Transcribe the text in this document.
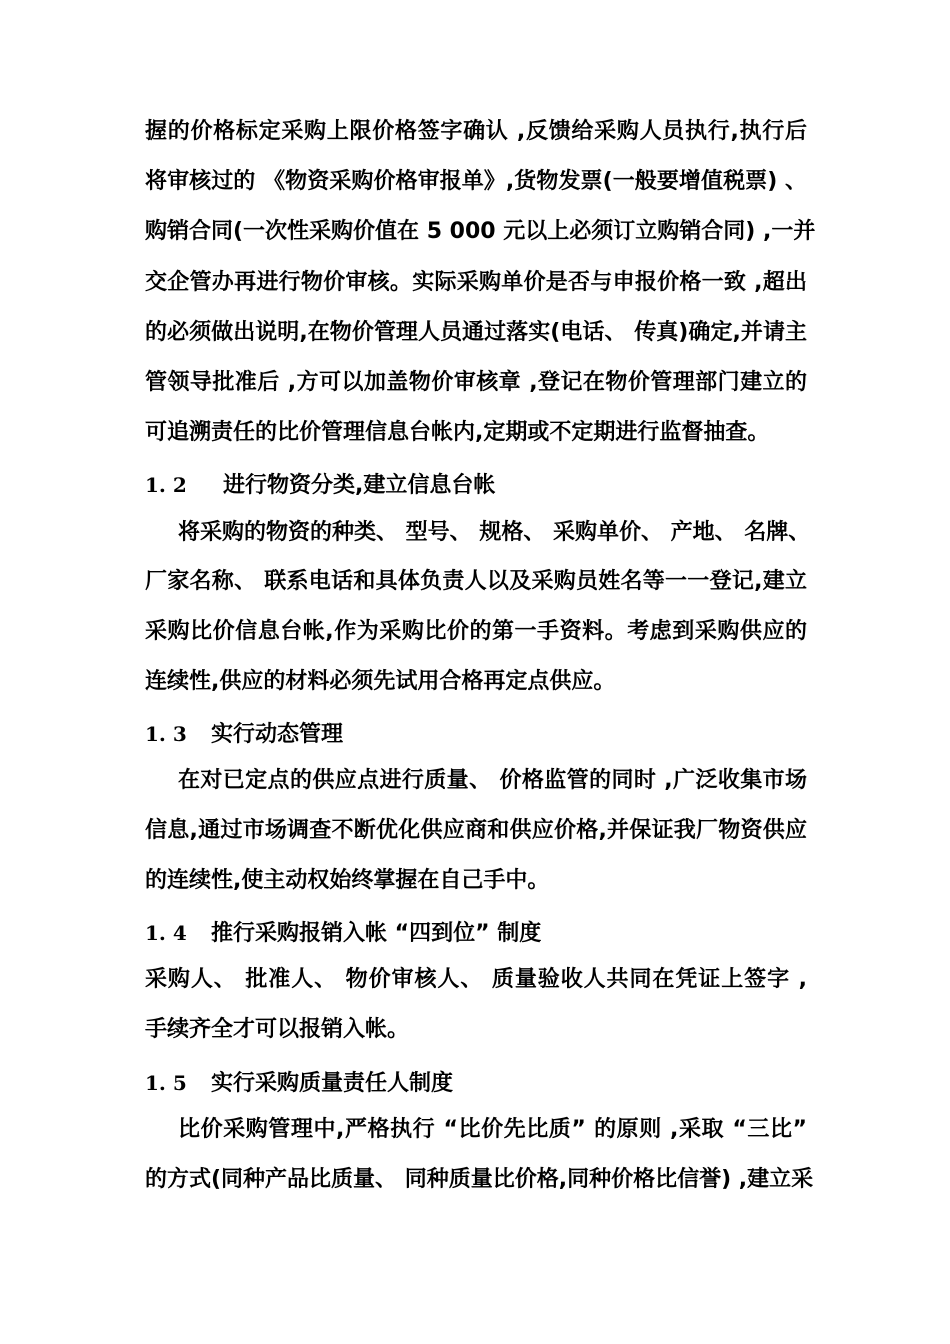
握的价格标定采购上限价格签字确认 ,反馈给采购人员执行,执行后
将审核过的 《物资采购价格审报单》,货物发票(一般要增值税票) 、
购销合同(一次性采购价值在 5 000 元以上必须订立购销合同) ,一并
交企管办再进行物价审核。实际采购单价是否与申报价格一致 ,超出
的必须做出说明,在物价管理人员通过落实(电话、 传真)确定,并请主
管领导批准后 ,方可以加盖物价审核章 ,登记在物价管理部门建立的
可追溯责任的比价管理信息台帐内,定期或不定期进行监督抽查。
1. 2 进行物资分类,建立信息台帐
将采购的物资的种类、 型号、 规格、 采购单价、 产地、 名牌、
厂家名称、 联系电话和具体负责人以及采购员姓名等一一登记,建立
采购比价信息台帐,作为采购比价的第一手资料。考虑到采购供应的
连续性,供应的材料必须先试用合格再定点供应。
1. 3 实行动态管理
在对已定点的供应点进行质量、 价格监管的同时 ,广泛收集市场
信息,通过市场调查不断优化供应商和供应价格,并保证我厂物资供应
的连续性,使主动权始终掌握在自己手中。
1. 4 推行采购报销入帐 “四到位” 制度
采购人、 批准人、 物价审核人、 质量验收人共同在凭证上签字 ,
手续齐全才可以报销入帐。
1. 5 实行采购质量责任人制度
比价采购管理中,严格执行 “比价先比质” 的原则 ,采取 “三比”
的方式(同种产品比质量、 同种质量比价格,同种价格比信誉) ,建立采
